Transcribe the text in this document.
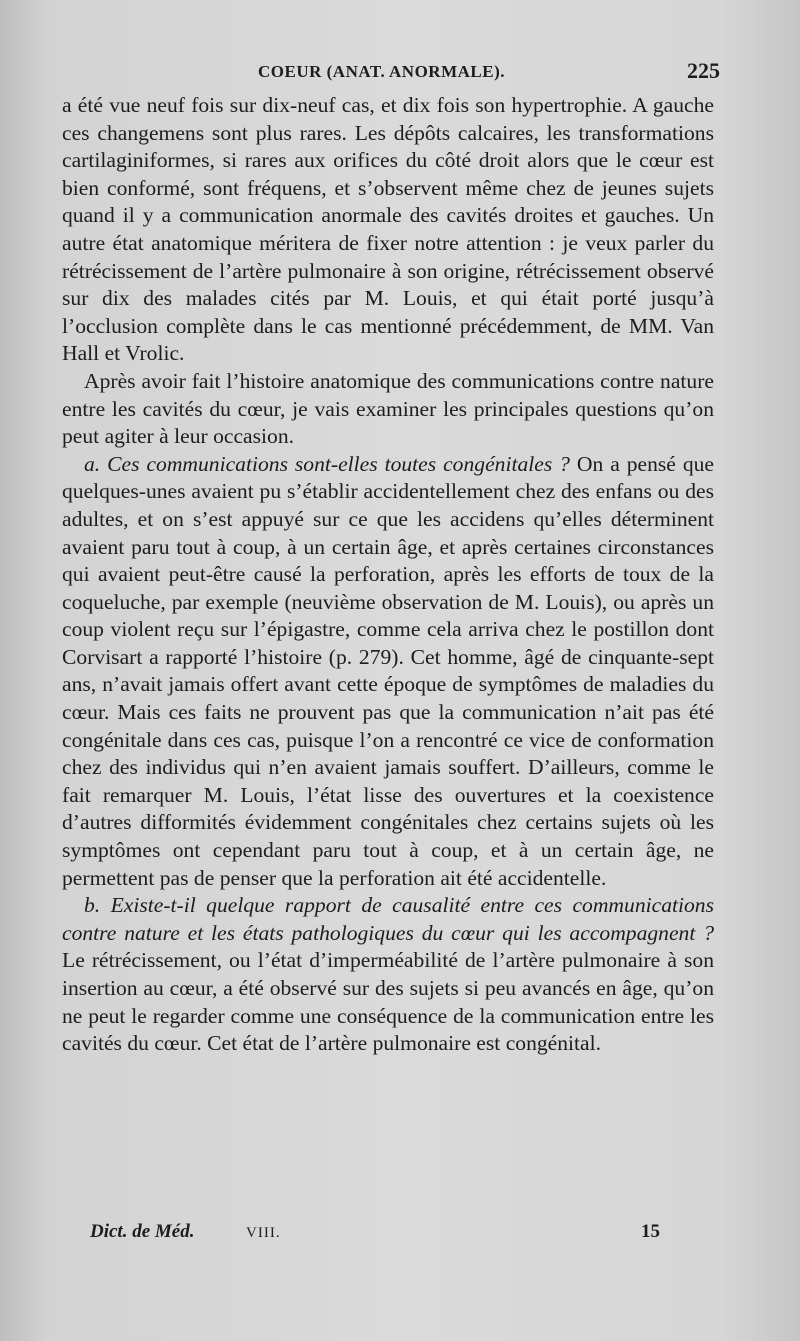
COEUR (ANAT. ANORMALE).	225

a été vue neuf fois sur dix-neuf cas, et dix fois son hypertrophie. A gauche ces changemens sont plus rares. Les dépôts calcaires, les transformations cartilaginiformes, si rares aux orifices du côté droit alors que le cœur est bien conformé, sont fréquens, et s’observent même chez de jeunes sujets quand il y a communication anormale des cavités droites et gauches. Un autre état anatomique méritera de fixer notre attention : je veux parler du rétrécissement de l’artère pulmonaire à son origine, rétrécissement observé sur dix des malades cités par M. Louis, et qui était porté jusqu’à l’occlusion complète dans le cas mentionné précédemment, de MM. Van Hall et Vrolic.

Après avoir fait l’histoire anatomique des communications contre nature entre les cavités du cœur, je vais examiner les principales questions qu’on peut agiter à leur occasion.

a. Ces communications sont-elles toutes congénitales ? On a pensé que quelques-unes avaient pu s’établir accidentellement chez des enfans ou des adultes, et on s’est appuyé sur ce que les accidens qu’elles déterminent avaient paru tout à coup, à un certain âge, et après certaines circonstances qui avaient peut-être causé la perforation, après les efforts de toux de la coqueluche, par exemple (neuvième observation de M. Louis), ou après un coup violent reçu sur l’épigastre, comme cela arriva chez le postillon dont Corvisart a rapporté l’histoire (p. 279). Cet homme, âgé de cinquante-sept ans, n’avait jamais offert avant cette époque de symptômes de maladies du cœur. Mais ces faits ne prouvent pas que la communication n’ait pas été congénitale dans ces cas, puisque l’on a rencontré ce vice de conformation chez des individus qui n’en avaient jamais souffert. D’ailleurs, comme le fait remarquer M. Louis, l’état lisse des ouvertures et la coexistence d’autres difformités évidemment congénitales chez certains sujets où les symptômes ont cependant paru tout à coup, et à un certain âge, ne permettent pas de penser que la perforation ait été accidentelle.

b. Existe-t-il quelque rapport de causalité entre ces communications contre nature et les états pathologiques du cœur qui les accompagnent ? Le rétrécissement, ou l’état d’imperméabilité de l’artère pulmonaire à son insertion au cœur, a été observé sur des sujets si peu avancés en âge, qu’on ne peut le regarder comme une conséquence de la communication entre les cavités du cœur. Cet état de l’artère pulmonaire est congénital.

Dict. de Méd.	VIII.	15
